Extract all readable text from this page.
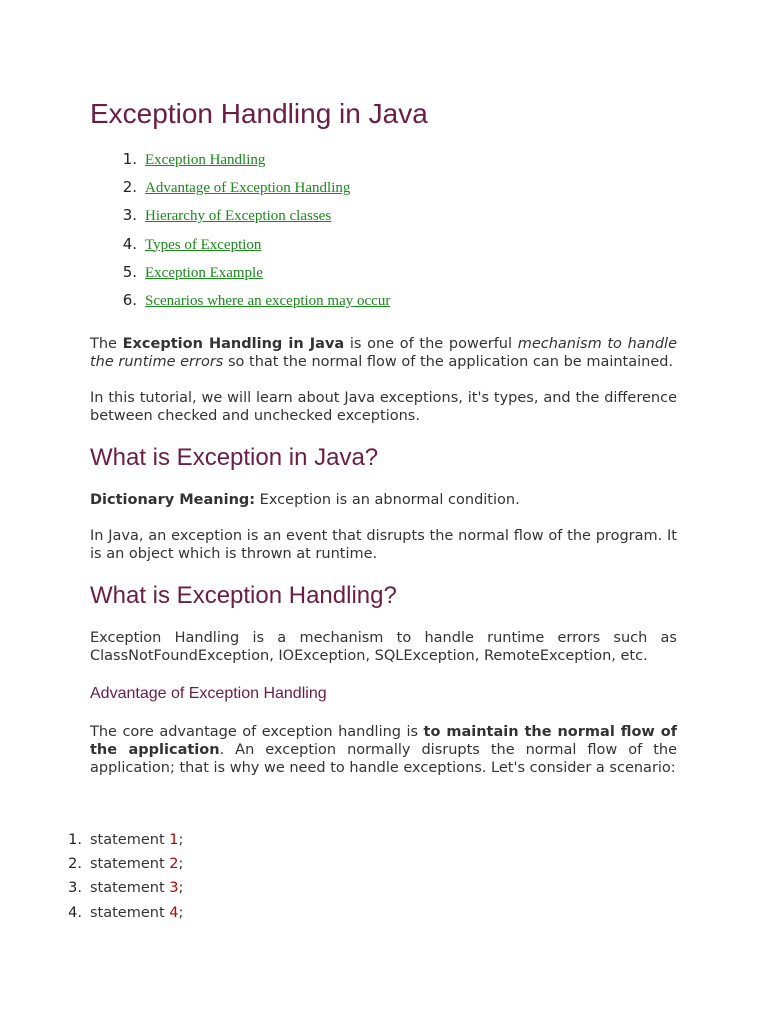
Exception Handling in Java
1. Exception Handling
2. Advantage of Exception Handling
3. Hierarchy of Exception classes
4. Types of Exception
5. Exception Example
6. Scenarios where an exception may occur

The Exception Handling in Java is one of the powerful mechanism to handle the runtime errors so that the normal flow of the application can be maintained.

In this tutorial, we will learn about Java exceptions, it's types, and the difference between checked and unchecked exceptions.

What is Exception in Java?

Dictionary Meaning: Exception is an abnormal condition.

In Java, an exception is an event that disrupts the normal flow of the program. It is an object which is thrown at runtime.

What is Exception Handling?

Exception Handling is a mechanism to handle runtime errors such as ClassNotFoundException, IOException, SQLException, RemoteException, etc.

Advantage of Exception Handling

The core advantage of exception handling is to maintain the normal flow of the application. An exception normally disrupts the normal flow of the application; that is why we need to handle exceptions. Let's consider a scenario:

1. statement 1;
2. statement 2;
3. statement 3;
4. statement 4;
